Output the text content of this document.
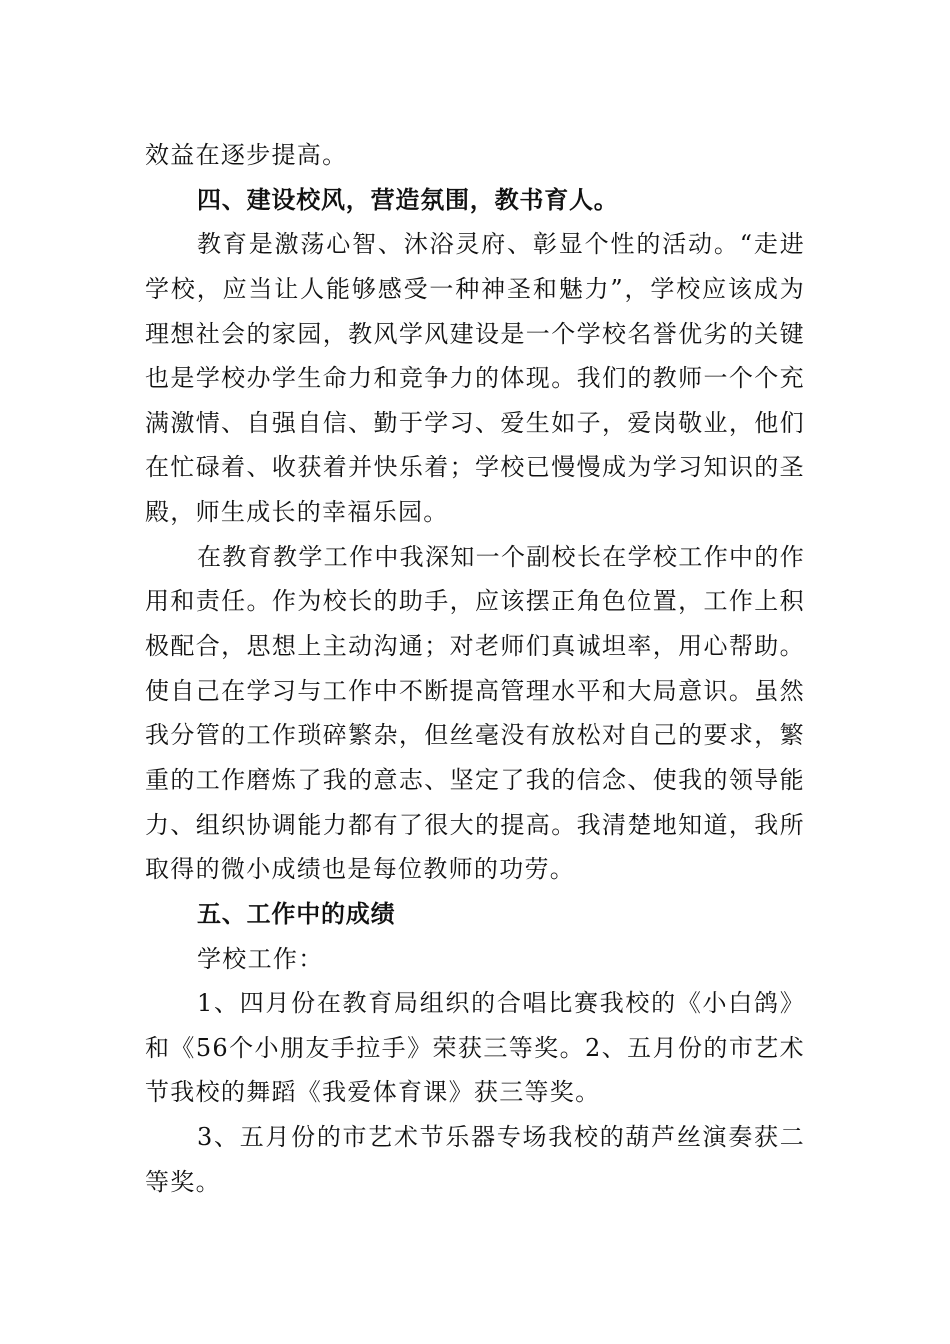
效益在逐步提高。
四、建设校风，营造氛围，教书育人。
教育是激荡心智、沐浴灵府、彰显个性的活动。“走进
学校，应当让人能够感受一种神圣和魅力”，学校应该成为
理想社会的家园，教风学风建设是一个学校名誉优劣的关键
也是学校办学生命力和竞争力的体现。我们的教师一个个充
满激情、自强自信、勤于学习、爱生如子，爱岗敬业，他们
在忙碌着、收获着并快乐着；学校已慢慢成为学习知识的圣
殿，师生成长的幸福乐园。
在教育教学工作中我深知一个副校长在学校工作中的作
用和责任。作为校长的助手，应该摆正角色位置，工作上积
极配合，思想上主动沟通；对老师们真诚坦率，用心帮助。
使自己在学习与工作中不断提高管理水平和大局意识。虽然
我分管的工作琐碎繁杂，但丝毫没有放松对自己的要求，繁
重的工作磨炼了我的意志、坚定了我的信念、使我的领导能
力、组织协调能力都有了很大的提高。我清楚地知道，我所
取得的微小成绩也是每位教师的功劳。
五、工作中的成绩
学校工作：
1、四月份在教育局组织的合唱比赛我校的《小白鸽》
和《56个小朋友手拉手》荣获三等奖。2、五月份的市艺术
节我校的舞蹈《我爱体育课》获三等奖。
3、五月份的市艺术节乐器专场我校的葫芦丝演奏获二
等奖。
